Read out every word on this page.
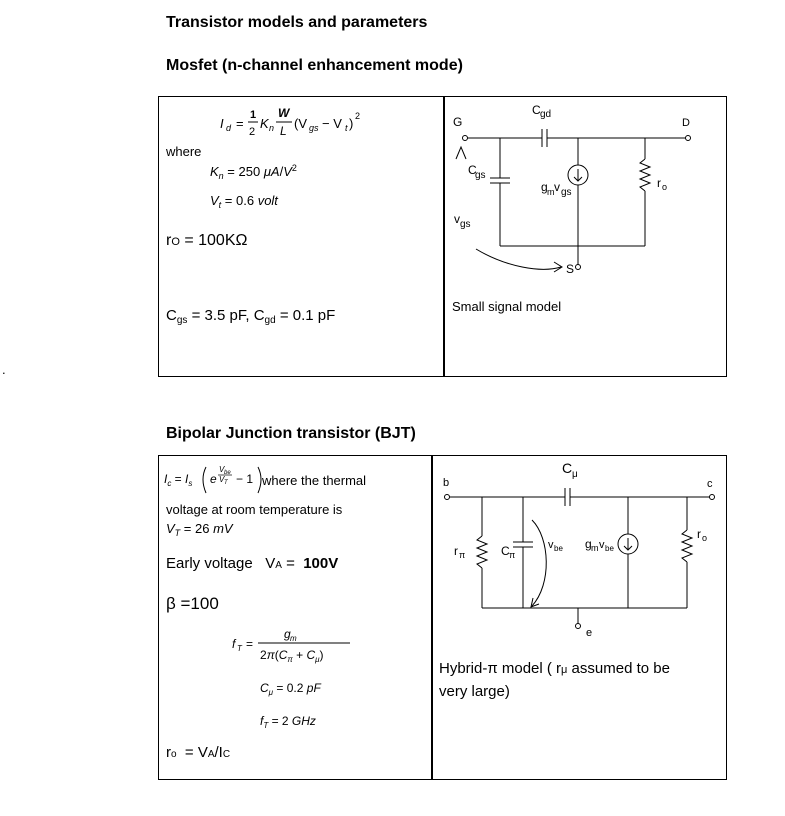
Transistor models and parameters
Mosfet (n-channel enhancement mode)
Bipolar Junction transistor (BJT)
.
I d =
1
2
K n
W
L (V gs − V t ) 2
where
$K_n = 250$ $\mu A/V^2$
$V_t = 0.6$ volt
rO = 100KΩ
$C_{gs} = 3.5$ pF, $C_{gd} = 0.1$ pF
G	D
C gd
C
gs
g m v gs
r o
v gs
S
Small signal model
$I_c = I_s$ e
V be
V T − 1 where the thermal
voltage at room temperature is
$V_T = 26$ mV
Early voltage VA = 100V
β =100
f T =
g m
$2\pi(C_\pi + C_\mu)$
$C_\mu = 0.2$ pF
$f_T = 2$ GHz
ro = VA/IC
b	c
C μ
r π	C π
v be g m v be
r o
e
Hybrid-π model ( rμ assumed to be
very large)
